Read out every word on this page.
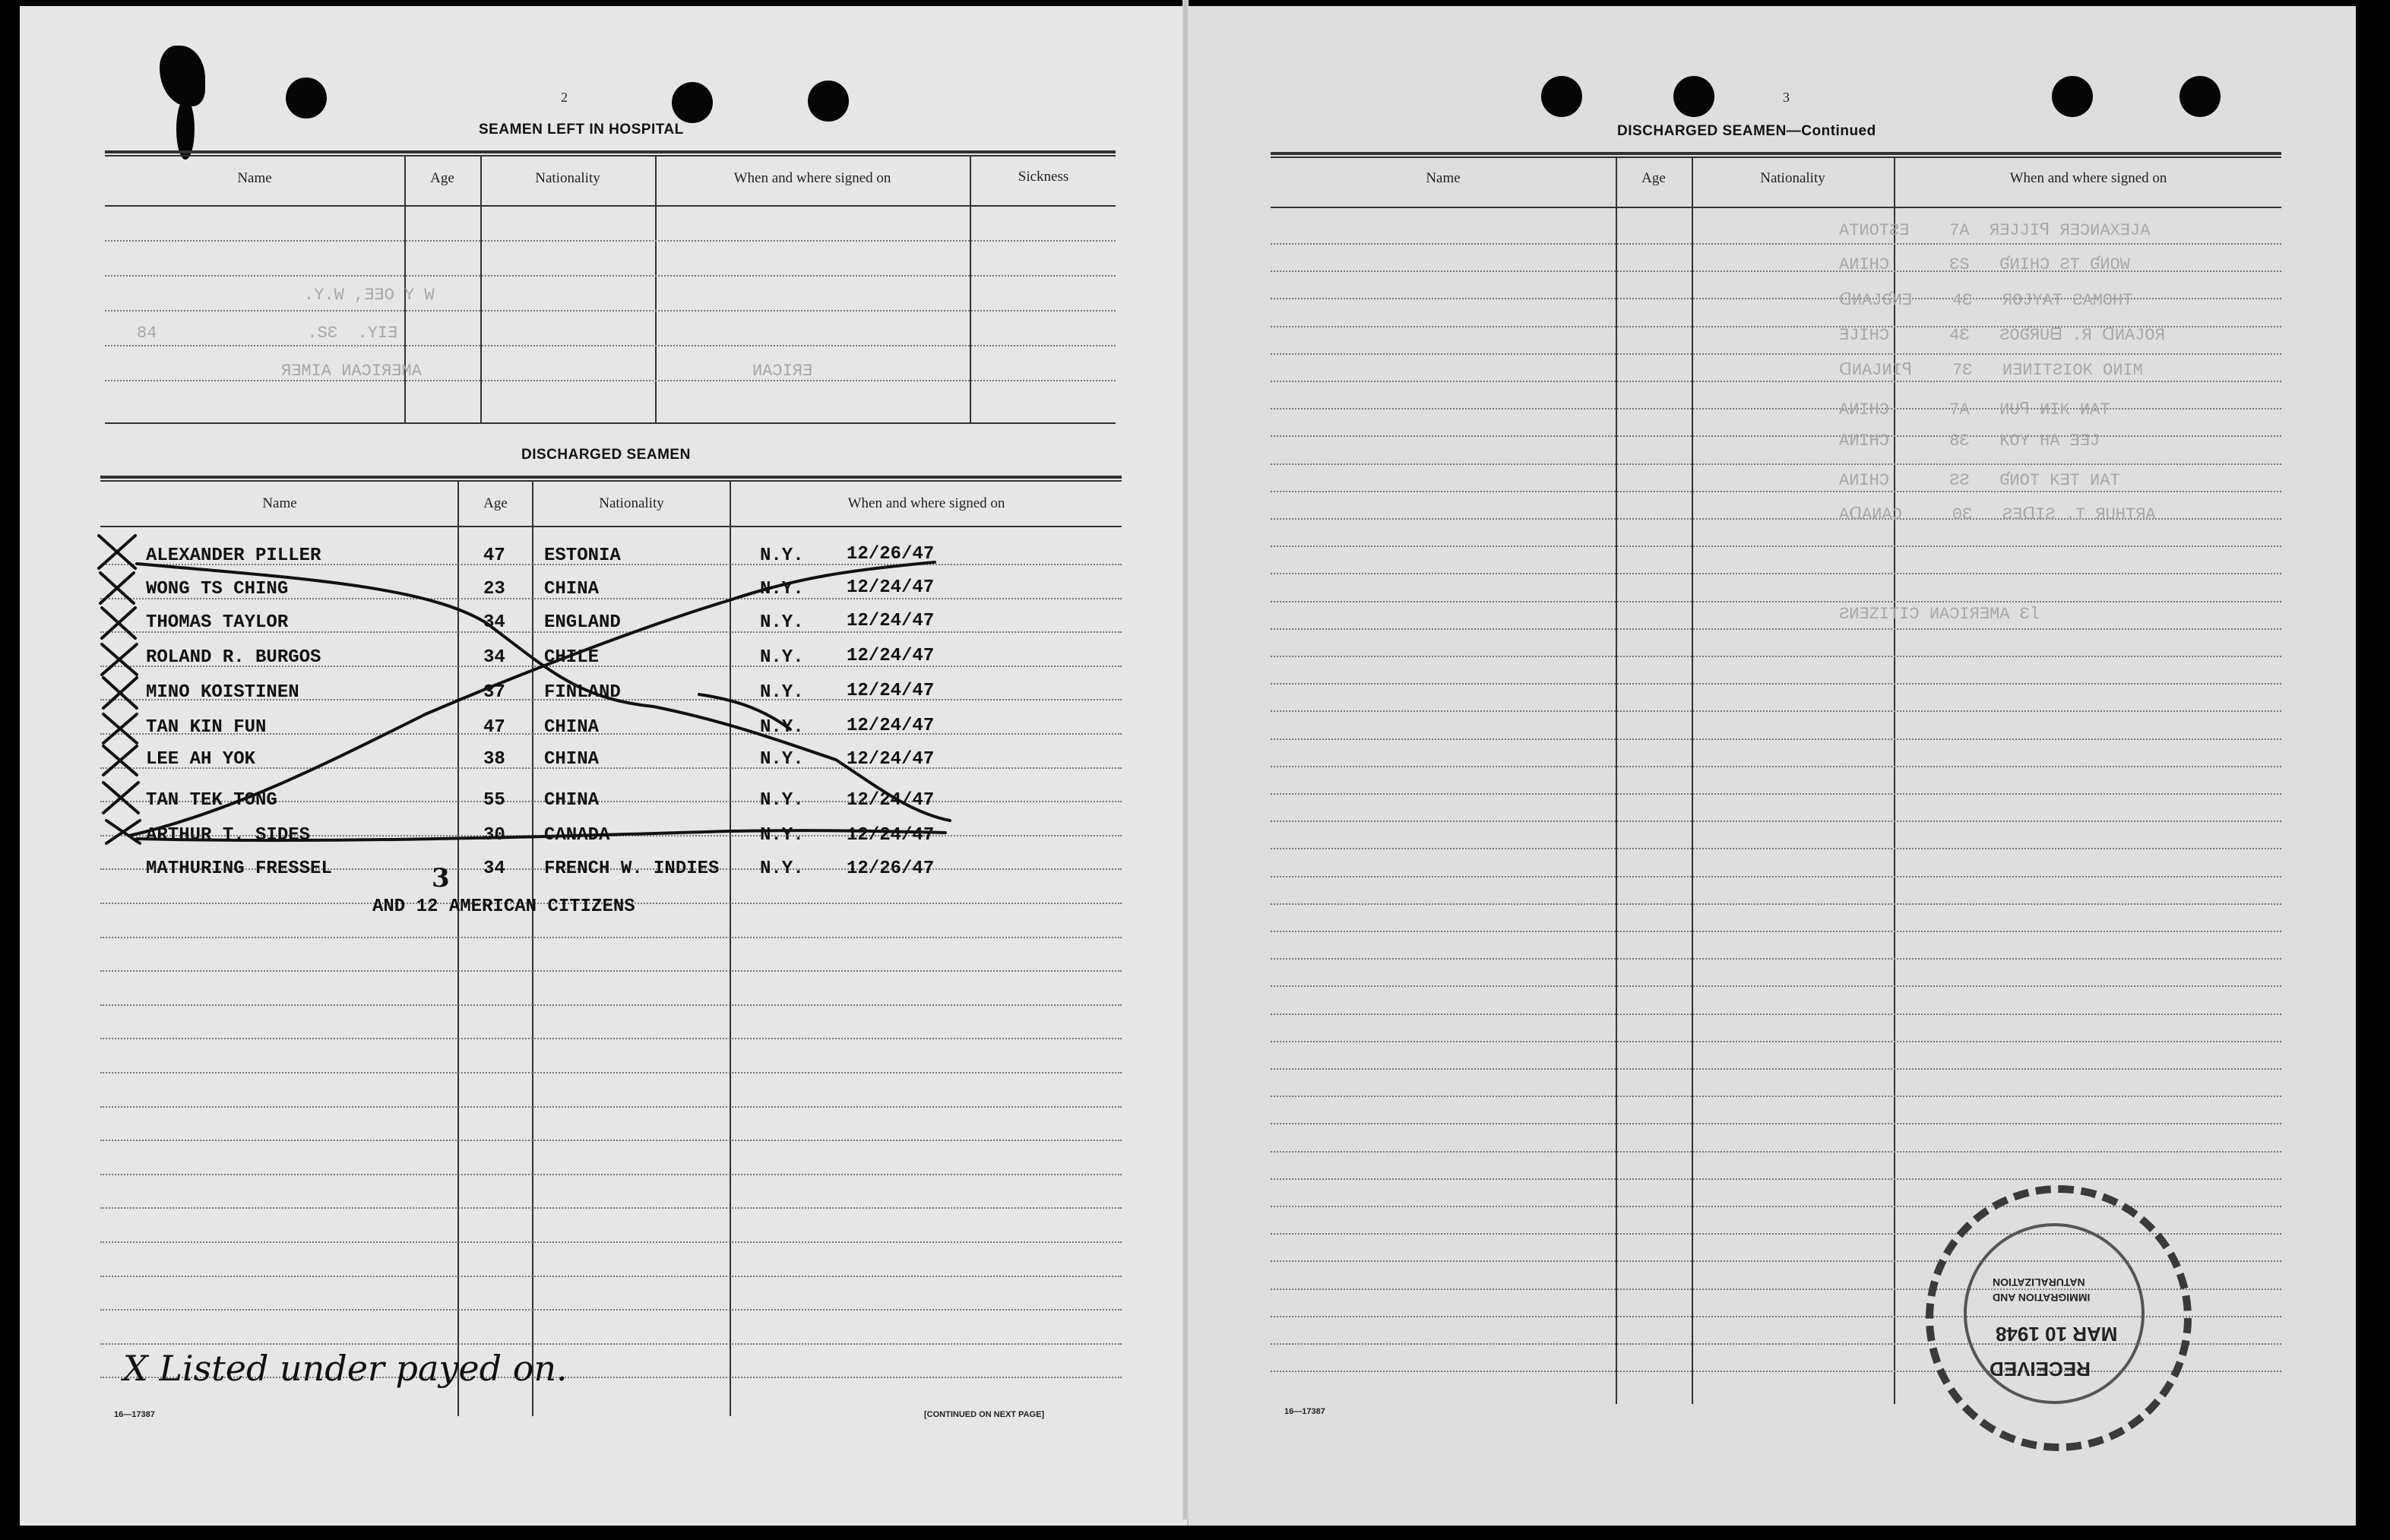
2
SEAMEN LEFT IN HOSPITAL
Name	Age	Nationality	When and where signed on	Sickness
.Y.W ,ƎƎO Y W
84               .SƐ  .YIƎ
ЯƎMIA ИАƆIЯƎMA	ИАƆIЯƎ
DISCHARGED SEAMEN
Name	Age	Nationality	When and where signed on
ALEXANDER PILLER	47 ESTONIA	N.Y. 12/26/47
WONG TS CHING	23 CHINA	N.Y. 12/24/47
THOMAS TAYLOR	34 ENGLAND	N.Y. 12/24/47
ROLAND R. BURGOS	34 CHILE	N.Y. 12/24/47
MINO KOISTINEN	37 FINLAND	N.Y. 12/24/47
TAN KIN FUN	47 CHINA	N.Y. 12/24/47
LEE AH YOK	38 CHINA	N.Y. 12/24/47
TAN TEK TONG	55 CHINA	N.Y. 12/24/47
ARTHUR T. SIDES	30 CANADA	N.Y. 12/24/47
MATHURING FRESSEL	34 FRENCH W. INDIES N.Y. 12/26/47
AND 12 AMERICAN CITIZENS
3
X Listed under payed on.
16—17387	[CONTINUED ON NEXT PAGE]
3
DISCHARGED SEAMEN—Continued
Name	Age	Nationality	When and where signed on
ATИOTƧƎ    7A  ЯƎJJIꟼ ЯƎƆИAXƎJA
AИIHƆ      ƐS   ƓИIHƆ ƧT ƓИOW
ᗡИAJƓИƎ    4Ɛ   ЯOJYAT ƧAMOHT
ƎJIHƆ      4Ɛ   ƧOƓЯUᗺ .Я ᗡИAJOЯ
ᗡИAJИIꟼ    7Ɛ   ИƎИITƧIOK OИIM
AИIHƆ      7A   ИUꟼ ИIK ИAT
AИIHƆ      8Ɛ   KOY HA ƎƎJ
AИIHƆ      ƧƧ   ƓИOT KƎT ИAT
AᗡAИAƆ     0Ɛ   ƧƎᗡIƧ .T ЯUHTЯA
ƧИƎZITIƆ ИAƆIЯƎMA ƐƖ
RECEIVED
MAR 10 1948
IMMIGRATION AND
NATURALIZATION
16—17387
